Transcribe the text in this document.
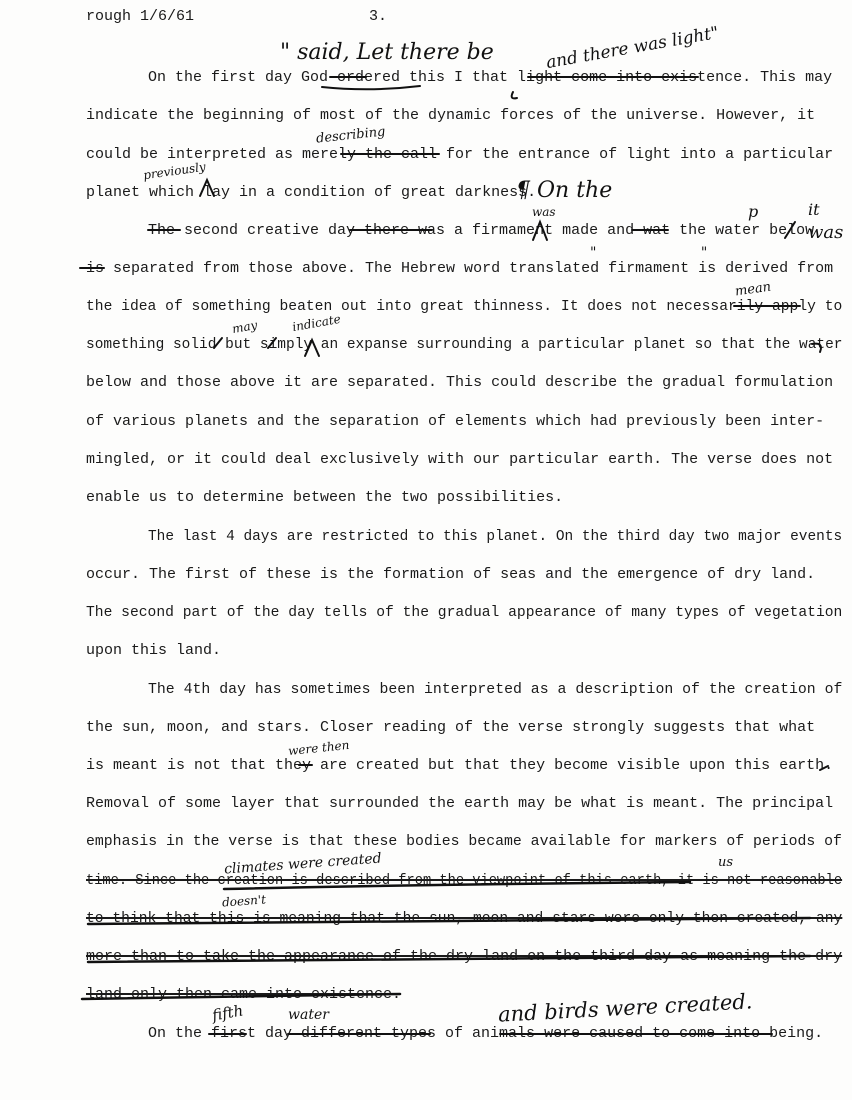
rough 1/6/61	3.
On the first day God ordered this I that light come into existence. This may
indicate the beginning of most of the dynamic forces of the universe. However, it
could be interpreted as merely the call for the entrance of light into a particular
planet which lay in a condition of great darkness.
The second creative day there was a firmament made and wat the water below
is separated from those above. The Hebrew word translated firmament is derived from
the idea of something beaten out into great thinness. It does not necessarily apply to
something solid but simply an expanse surrounding a particular planet so that the water
below and those above it are separated. This could describe the gradual formulation
of various planets and the separation of elements which had previously been inter-
mingled, or it could deal exclusively with our particular earth. The verse does not
enable us to determine between the two possibilities.
The last 4 days are restricted to this planet. On the third day two major events
occur. The first of these is the formation of seas and the emergence of dry land.
The second part of the day tells of the gradual appearance of many types of vegetation
upon this land.
The 4th day has sometimes been interpreted as a description of the creation of
the sun, moon, and stars. Closer reading of the verse strongly suggests that what
is meant is not that they are created but that they become visible upon this earth.
Removal of some layer that surrounded the earth may be what is meant. The principal
emphasis in the verse is that these bodies became available for markers of periods of
time. Since the creation is described from the viewpoint of this earth, it is not reasonable
to think that this is meaning that the sun, moon and stars were only then created, any
more than to take the appearance of the dry land on the third day as meaning the dry
land only then came into existence.
On the first day different types of animals were caused to come into being.
" said, Let there be	and there was light"
describing
previously
¶ On the
was	p	it
was
" "
mean
may	indicate
were then
climates were created	us
doesn't
fifth	water	and birds were created.
